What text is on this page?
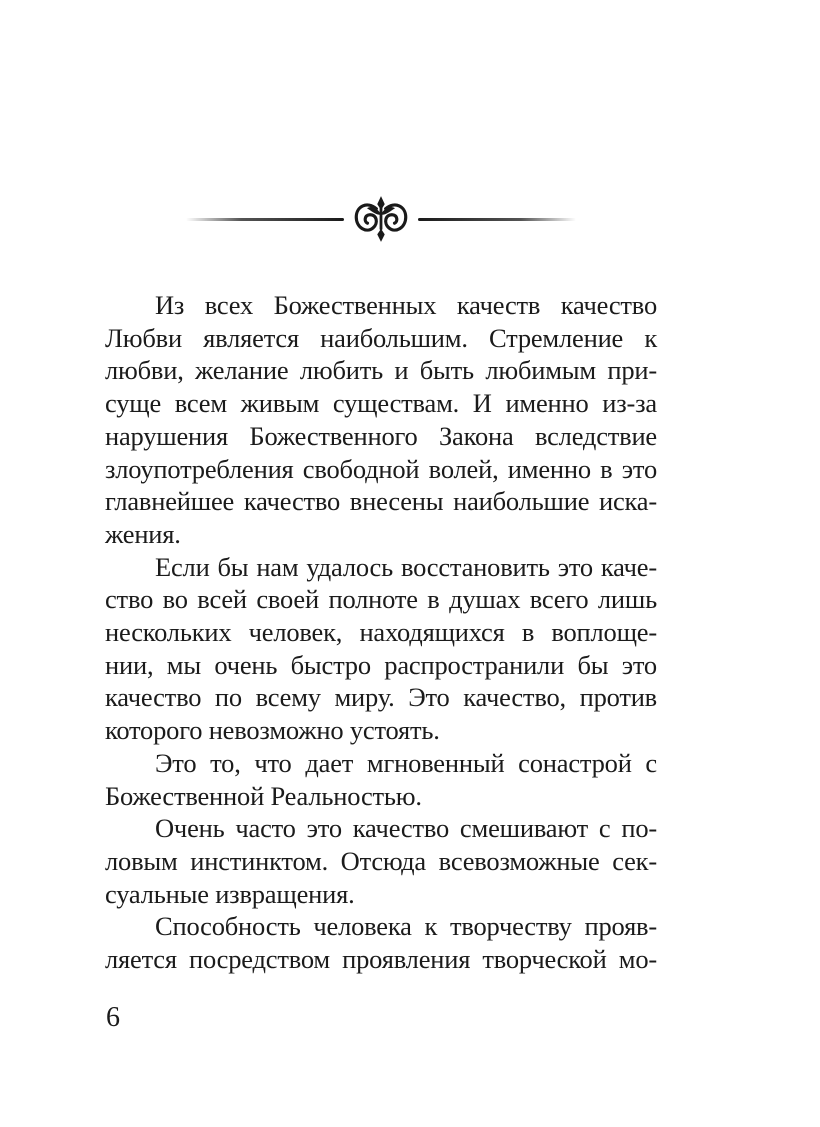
Из всех Божественных качеств качество
Любви является наибольшим. Стремление к
любви, желание любить и быть любимым при-
суще всем живым существам. И именно из-за
нарушения Божественного Закона вследствие
злоупотребления свободной волей, именно в это
главнейшее качество внесены наибольшие иска-
жения.
Если бы нам удалось восстановить это каче-
ство во всей своей полноте в душах всего лишь
нескольких человек, находящихся в воплоще-
нии, мы очень быстро распространили бы это
качество по всему миру. Это качество, против
которого невозможно устоять.
Это то, что дает мгновенный сонастрой с
Божественной Реальностью.
Очень часто это качество смешивают с по-
ловым инстинктом. Отсюда всевозможные сек-
суальные извращения.
Способность человека к творчеству прояв-
ляется посредством проявления творческой мо-
6
